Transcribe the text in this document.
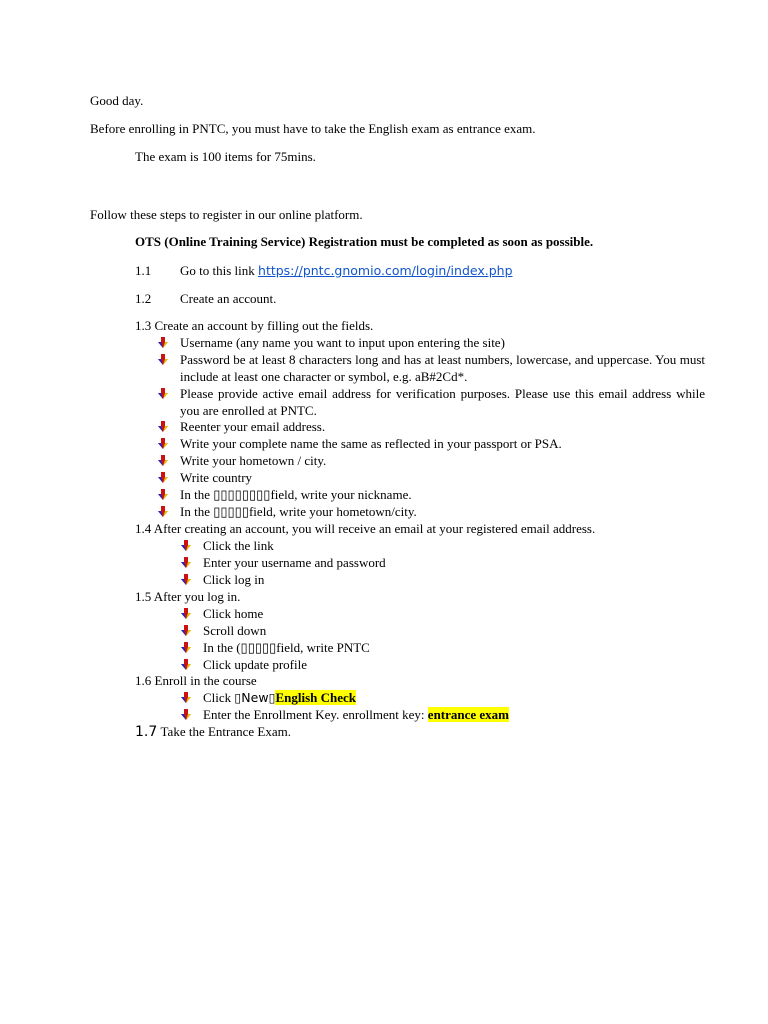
Good day.
Before enrolling in PNTC, you must have to take the English exam as entrance exam.
The exam is 100 items for 75mins.
Follow these steps to register in our online platform.
OTS (Online Training Service) Registration must be completed as soon as possible.
1.1 Go to this link https://pntc.gnomio.com/login/index.php
1.2 Create an account.
1.3 Create an account by filling out the fields.
Username (any name you want to input upon entering the site)
Password be at least 8 characters long and has at least numbers, lowercase, and uppercase. You must include at least one character or symbol, e.g. aB#2Cd*.
Please provide active email address for verification purposes. Please use this email address while you are enrolled at PNTC.
Reenter your email address.
Write your complete name the same as reflected in your passport or PSA.
Write your hometown / city.
Write country
In the ▯▯▯▯▯▯▯▯field, write your nickname.
In the ▯▯▯▯▯field, write your hometown/city.
1.4 After creating an account, you will receive an email at your registered email address.
Click the link
Enter your username and password
Click log in
1.5 After you log in.
Click home
Scroll down
In the (▯▯▯▯▯field, write PNTC
Click update profile
1.6 Enroll in the course
Click ▯New▯English Check
Enter the Enrollment Key. enrollment key: entrance exam
1.7 Take the Entrance Exam.
